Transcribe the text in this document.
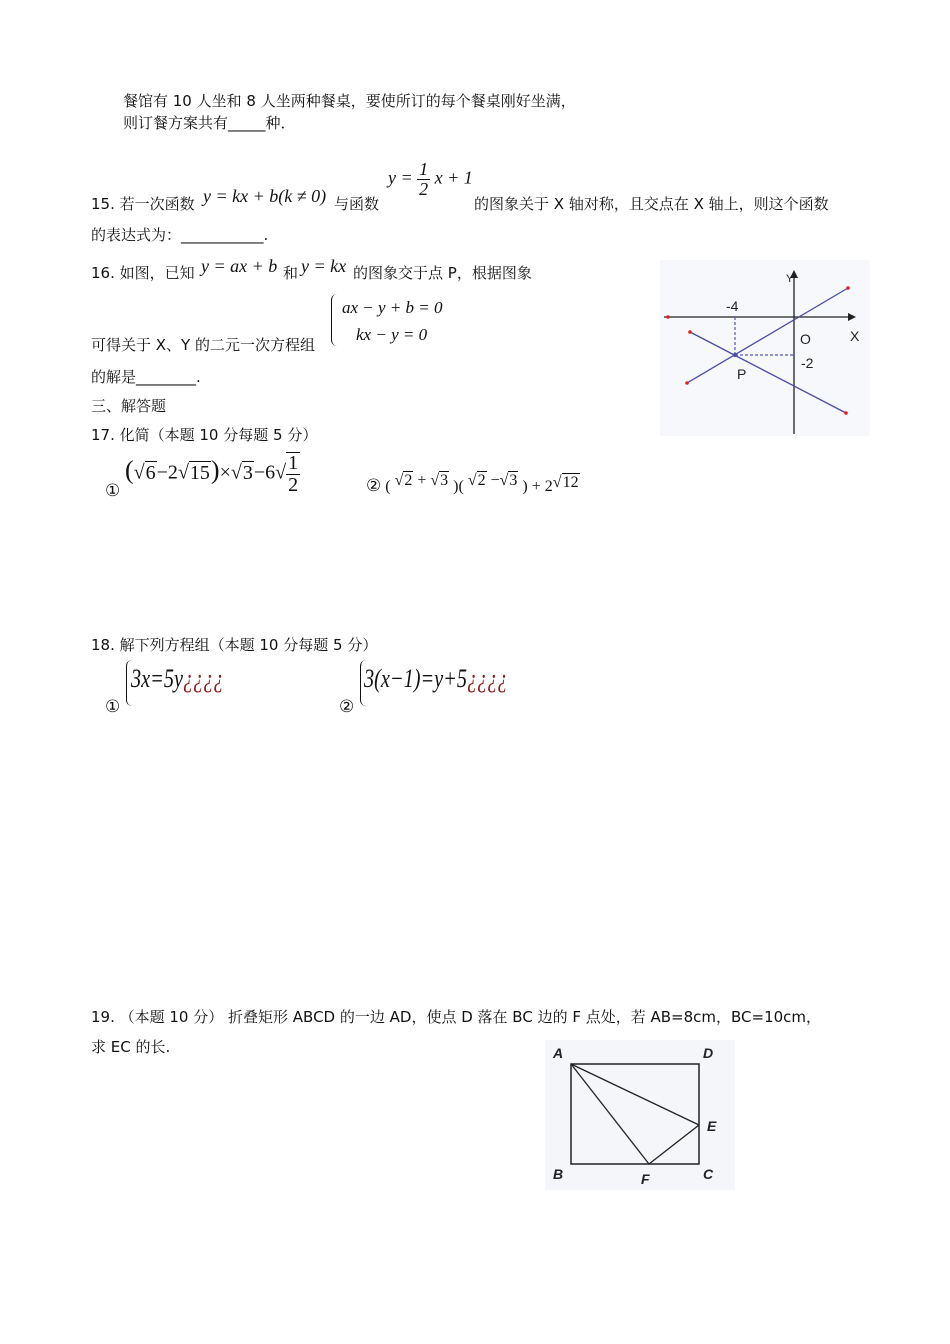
餐馆有 10 人坐和 8 人坐两种餐桌，要使所订的每个餐桌刚好坐满，
则订餐方案共有_____种．
15. 若一次函数 y = kx + b(k ≠ 0) 与函数
$y = \frac{1}{2}$ x + 1
的图象关于 X 轴对称，且交点在 X 轴上，则这个函数
的表达式为：___________.
16. 如图，已知 y = ax + b 和 y = kx 的图象交于点 P，根据图象
可得关于 X、Y 的二元一次方程组
ax − y + b = 0
kx − y = 0
的解是________.
Y
X
O
-4
-2
P
三、解答题
17. 化简（本题 10 分每题 5 分）
①
$(√6-2√15)\times√3-6√ \frac{1}{2}$	② ( √2 + √3 )( √2 −√3 ) + 2√12
18. 解下列方程组（本题 10 分每题 5 分）
①
3x=5y¿¿¿¿
②
3(x−1)=y+5¿¿¿¿
19. （本题 10 分） 折叠矩形 ABCD 的一边 AD，使点 D 落在 BC 边的 F 点处，若 AB=8cm，BC=10cm，
求 EC 的长.	A	D
E
B	F	C
